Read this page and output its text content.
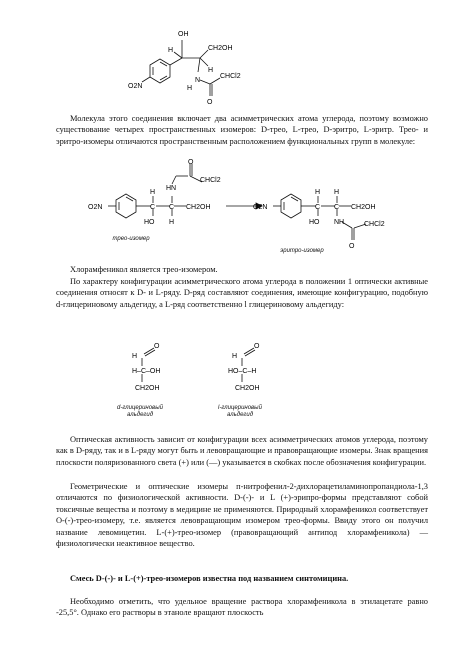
OH
H	CH2OH
H
O2N
N
H
CHCl2
O
Молекула этого соединения включает два асимметрических атома углерода, поэтому возможно существование четырех пространственных изомеров: D-трео, L-трео, D-эритро, L-эритр. Трео- и эритро-изомеры отличаются пространственным расположением функциональных групп в молекуле:
O2N
H
HN
O
CHCl2
C C CH2OH
HO H
O2N
H H
C C CH2OH
HO NH	CHCl2
O
трео-изомер
эритро-изомер
Хлорамфеникол является трео-изомером.
По характеру конфигурации асимметрического атома углерода в положении 1 оптически активные соединения относят к D- и L-ряду. D-ряд составляют соединения, имеющие конфигурацию, подобную d-глицериновому альдегиду, а L-ряд соответственно l глицериновому альдегиду:
H
O
H–C–OH
CH2OH
H
O
HO–C–H
CH2OH
d-глицериновый
альдегид
l-глицериновый
альдегид
Оптическая активность зависит от конфигурации всех асимметрических атомов углерода, поэтому как в D-ряду, так и в L-ряду могут быть и левовращающие и правовращающие изомеры. Знак вращения плоскости поляризованного света (+) или (—) указывается в скобках после обозначения конфигурации.
Геометрические и оптические изомеры п-нитрофенил-2-дихлорацетиламинопропандиола-1,3 отличаются по физиологической активности. D-(-)- и L (+)-эрипро-формы представляют собой токсичные вещества и поэтому в медицине не применяются. Природный хлорамфеникол соответствует O-(-)-трео-изомеру, т.е. является левовращающим изомером трео-формы. Ввиду этого он получил название левомицетин. L-(+)-трео-изомер (правовращающий антипод хлорамфеникола) — физиологически неактивное вещество.
Смесь D-(-)- и L-(+)-трео-изомеров известна под названием синтомицина.
Необходимо отметить, что удельное вращение раствора хлорамфеникола в этилацетате равно -25,5°. Однако его растворы в этаноле вращают плоскость
